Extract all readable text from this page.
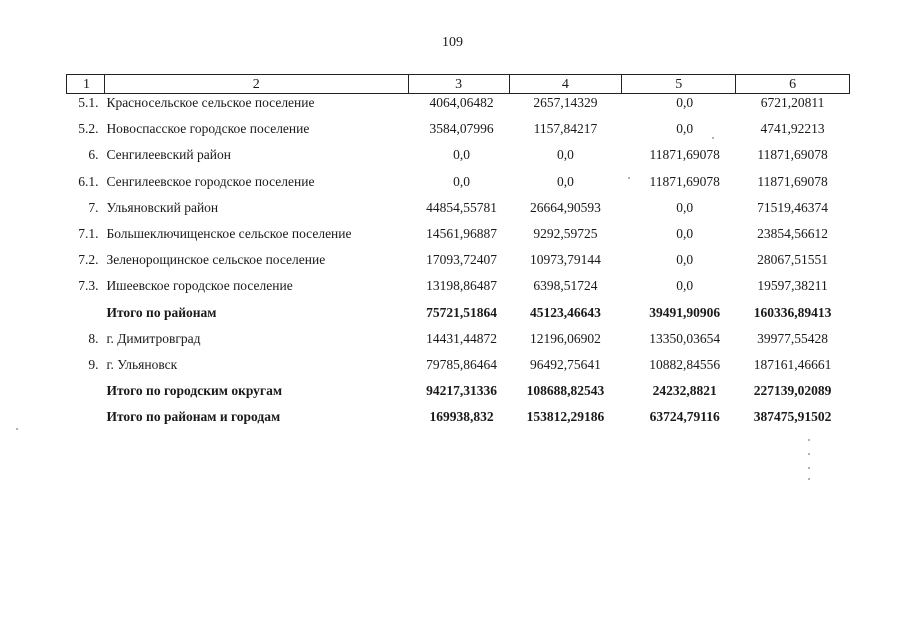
109
1	2	3	4	5	6
5.1.	Красносельское сельское поселение	4064,06482	2657,14329	0,0	6721,20811
5.2.	Новоспасское городское поселение	3584,07996	1157,84217	0,0	4741,92213
6.	Сенгилеевский район	0,0	0,0	11871,69078	11871,69078
6.1.	Сенгилеевское городское поселение	0,0	0,0	11871,69078	11871,69078
7.	Ульяновский район	44854,55781	26664,90593	0,0	71519,46374
7.1.	Большеключищенское сельское поселение	14561,96887	9292,59725	0,0	23854,56612
7.2.	Зеленорощинское сельское поселение	17093,72407	10973,79144	0,0	28067,51551
7.3.	Ишеевское городское поселение	13198,86487	6398,51724	0,0	19597,38211
	Итого по районам	75721,51864	45123,46643	39491,90906	160336,89413
8.	г. Димитровград	14431,44872	12196,06902	13350,03654	39977,55428
9.	г. Ульяновск	79785,86464	96492,75641	10882,84556	187161,46661
	Итого по городским округам	94217,31336	108688,82543	24232,8821	227139,02089
	Итого по районам и городам	169938,832	153812,29186	63724,79116	387475,91502
